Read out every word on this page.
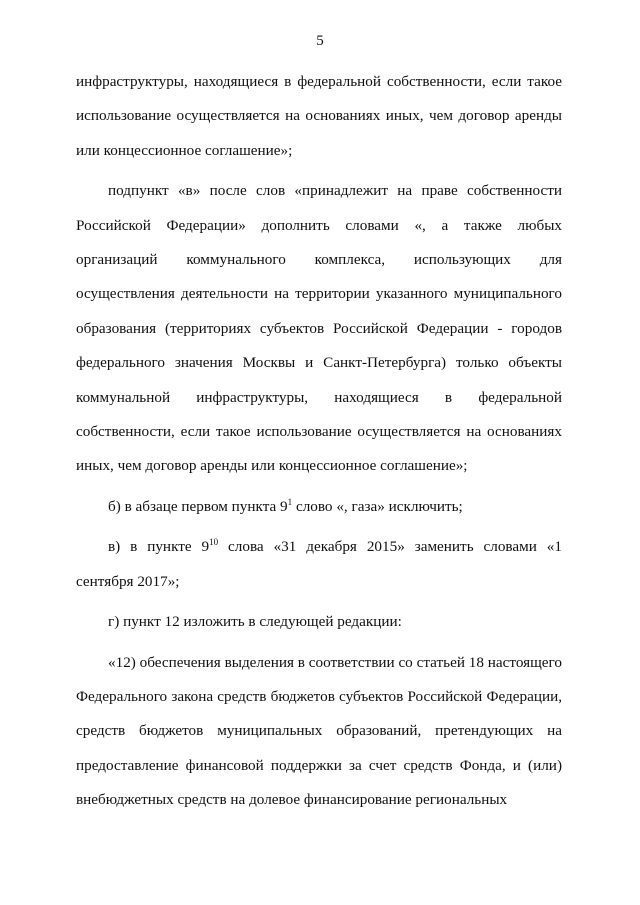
5

инфраструктуры, находящиеся в федеральной собственности, если такое использование осуществляется на основаниях иных, чем договор аренды или концессионное соглашение»;

подпункт «в» после слов «принадлежит на праве собственности Российской Федерации» дополнить словами «, а также любых организаций коммунального комплекса, использующих для осуществления деятельности на территории указанного муниципального образования (территориях субъектов Российской Федерации - городов федерального значения Москвы и Санкт-Петербурга) только объекты коммунальной инфраструктуры, находящиеся в федеральной собственности, если такое использование осуществляется на основаниях иных, чем договор аренды или концессионное соглашение»;

б) в абзаце первом пункта $9^1$ слово «, газа» исключить;

в) в пункте $9^{10}$ слова «31 декабря 2015» заменить словами «1 сентября 2017»;

г) пункт 12 изложить в следующей редакции:

«12) обеспечения выделения в соответствии со статьей 18 настоящего Федерального закона средств бюджетов субъектов Российской Федерации, средств бюджетов муниципальных образований, претендующих на предоставление финансовой поддержки за счет средств Фонда, и (или) внебюджетных средств на долевое финансирование региональных
